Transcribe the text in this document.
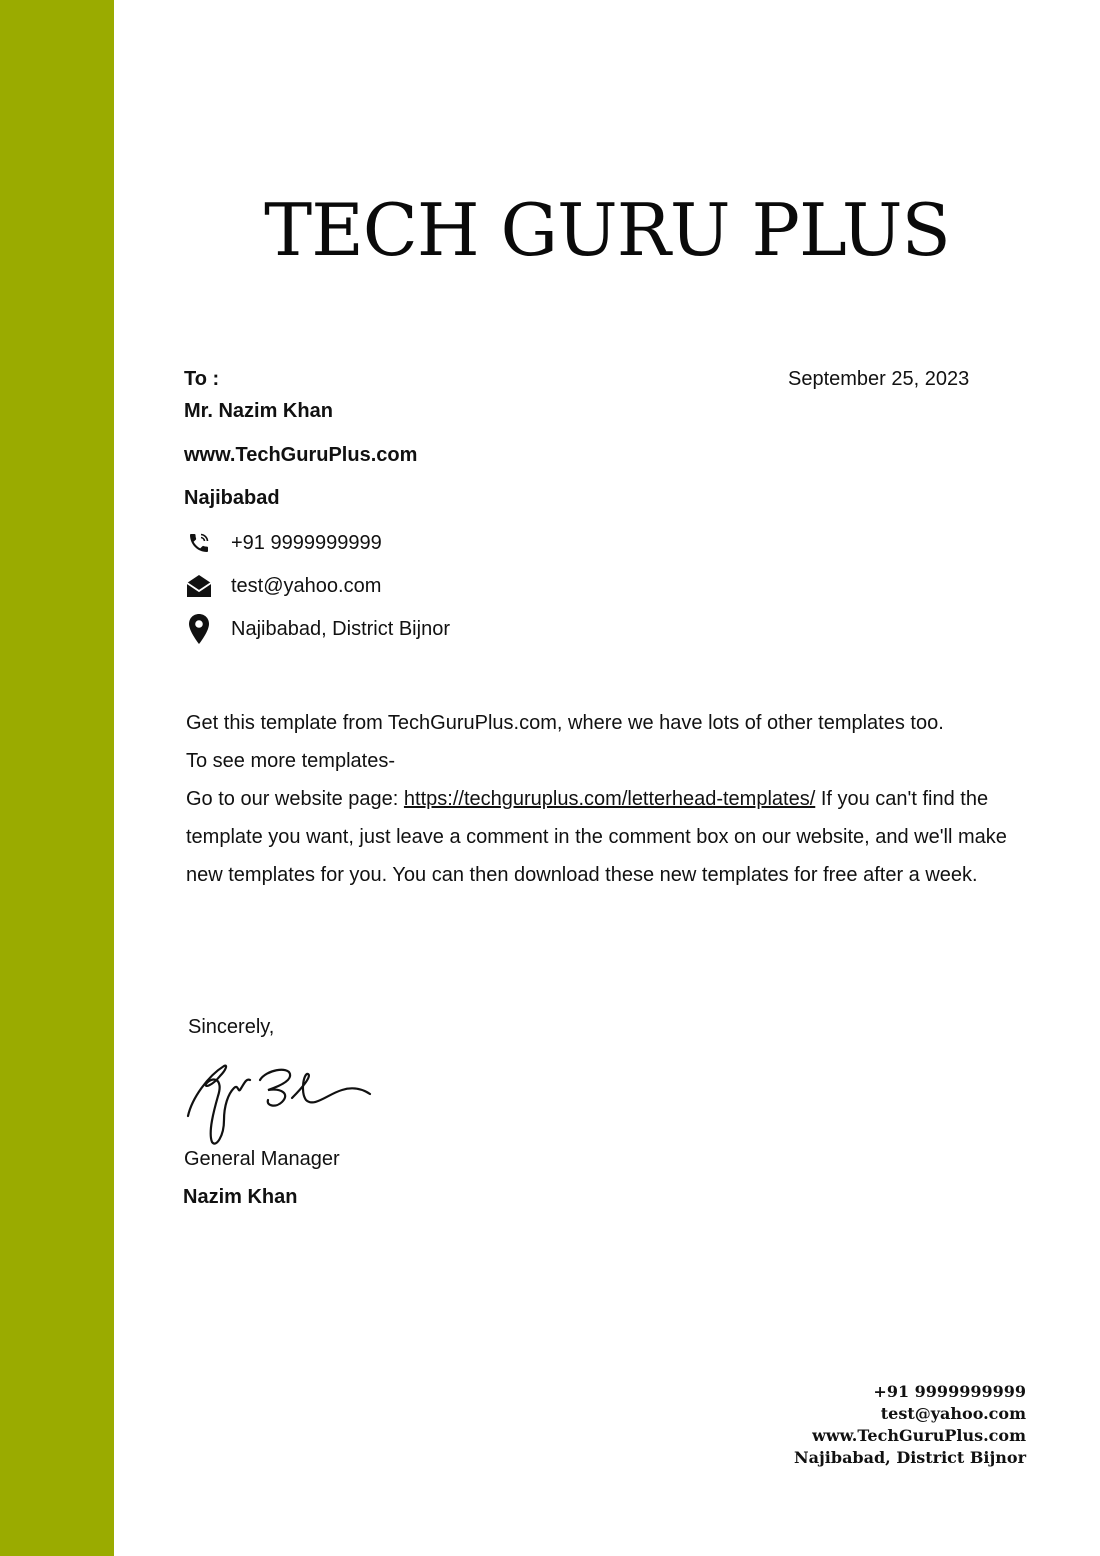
TECH GURU PLUS
September 25, 2023
To :
Mr. Nazim Khan
www.TechGuruPlus.com
Najibabad
+91 9999999999
test@yahoo.com
Najibabad, District Bijnor

Get this template from TechGuruPlus.com, where we have lots of other templates too.

To see more templates-

Go to our website page: https://techguruplus.com/letterhead-templates/ If you can't find the template you want, just leave a comment in the comment box on our website, and we'll make new templates for you. You can then download these new templates for free after a week.

Sincerely,
General Manager
Nazim Khan
+91 9999999999
test@yahoo.com
www.TechGuruPlus.com
Najibabad, District Bijnor
